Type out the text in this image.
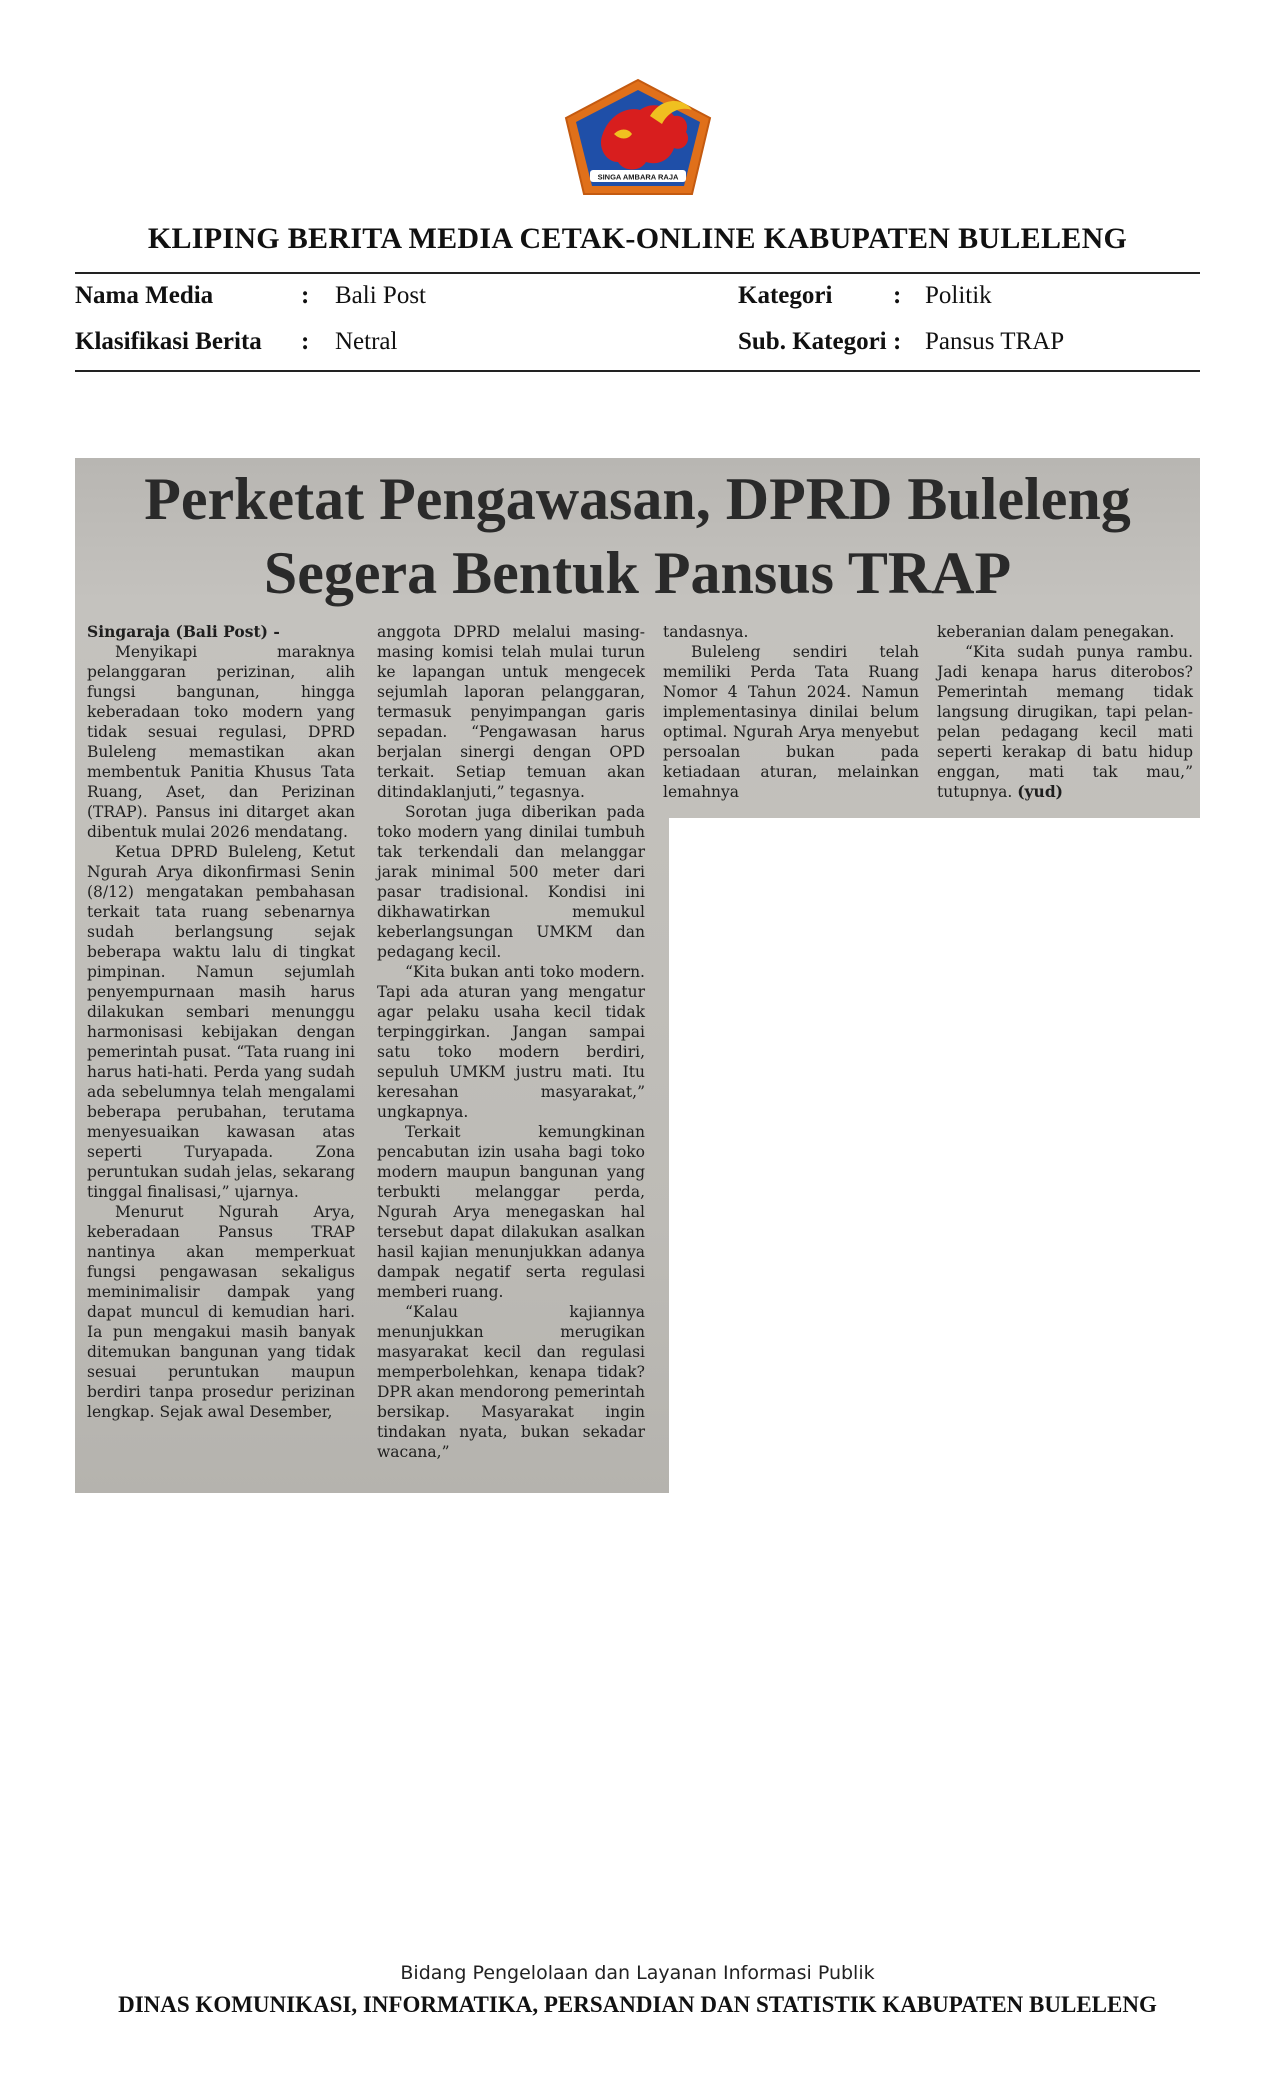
SINGA AMBARA RAJA
KLIPING BERITA MEDIA CETAK-ONLINE KABUPATEN BULELENG
Nama Media	: Bali Post	Kategori : Politik
Klasifikasi Berita : Netral	Sub. Kategori : Pansus TRAP
Perketat Pengawasan, DPRD Buleleng
Segera Bentuk Pansus TRAP

Singaraja (Bali Post) -

Menyikapi maraknya pelanggaran perizinan, alih fungsi bangunan, hingga keberadaan toko modern yang tidak sesuai regulasi, DPRD Buleleng memastikan akan membentuk Panitia Khusus Tata Ruang, Aset, dan Perizinan (TRAP). Pansus ini ditarget akan dibentuk mulai 2026 mendatang.

Ketua DPRD Buleleng, Ketut Ngurah Arya dikonfirmasi Senin (8/12) mengatakan pembahasan terkait tata ruang sebenarnya sudah berlangsung sejak beberapa waktu lalu di tingkat pimpinan. Namun sejumlah penyempurnaan masih harus dilakukan sembari menunggu harmonisasi kebijakan dengan pemerintah pusat. “Tata ruang ini harus hati-hati. Perda yang sudah ada sebelumnya telah mengalami beberapa perubahan, terutama menyesuaikan kawasan atas seperti Turyapada. Zona peruntukan sudah jelas, sekarang tinggal finalisasi,” ujarnya.

Menurut Ngurah Arya, keberadaan Pansus TRAP nantinya akan memperkuat fungsi pengawasan sekaligus meminimalisir dampak yang dapat muncul di kemudian hari. Ia pun mengakui masih banyak ditemukan bangunan yang tidak sesuai peruntukan maupun berdiri tanpa prosedur perizinan lengkap. Sejak awal Desember,

anggota DPRD melalui masing-masing komisi telah mulai turun ke lapangan untuk mengecek sejumlah laporan pelanggaran, termasuk penyimpangan garis sepadan. “Pengawasan harus berjalan sinergi dengan OPD terkait. Setiap temuan akan ditindaklanjuti,” tegasnya.

Sorotan juga diberikan pada toko modern yang dinilai tumbuh tak terkendali dan melanggar jarak minimal 500 meter dari pasar tradisional. Kondisi ini dikhawatirkan memukul keberlangsungan UMKM dan pedagang kecil.

“Kita bukan anti toko modern. Tapi ada aturan yang mengatur agar pelaku usaha kecil tidak terpinggirkan. Jangan sampai satu toko modern berdiri, sepuluh UMKM justru mati. Itu keresahan masyarakat,” ungkapnya.

Terkait kemungkinan pencabutan izin usaha bagi toko modern maupun bangunan yang terbukti melanggar perda, Ngurah Arya menegaskan hal tersebut dapat dilakukan asalkan hasil kajian menunjukkan adanya dampak negatif serta regulasi memberi ruang.

“Kalau kajiannya menunjukkan merugikan masyarakat kecil dan regulasi memperbolehkan, kenapa tidak? DPR akan mendorong pemerintah bersikap. Masyarakat ingin tindakan nyata, bukan sekadar wacana,”

tandasnya.

Buleleng sendiri telah memiliki Perda Tata Ruang Nomor 4 Tahun 2024. Namun implementasinya dinilai belum optimal. Ngurah Arya menyebut persoalan bukan pada ketiadaan aturan, melainkan lemahnya

keberanian dalam penegakan.

“Kita sudah punya rambu. Jadi kenapa harus diterobos? Pemerintah memang tidak langsung dirugikan, tapi pelan-pelan pedagang kecil mati seperti kerakap di batu hidup enggan, mati tak mau,” tutupnya. (yud)

Bidang Pengelolaan dan Layanan Informasi Publik
DINAS KOMUNIKASI, INFORMATIKA, PERSANDIAN DAN STATISTIK KABUPATEN BULELENG
